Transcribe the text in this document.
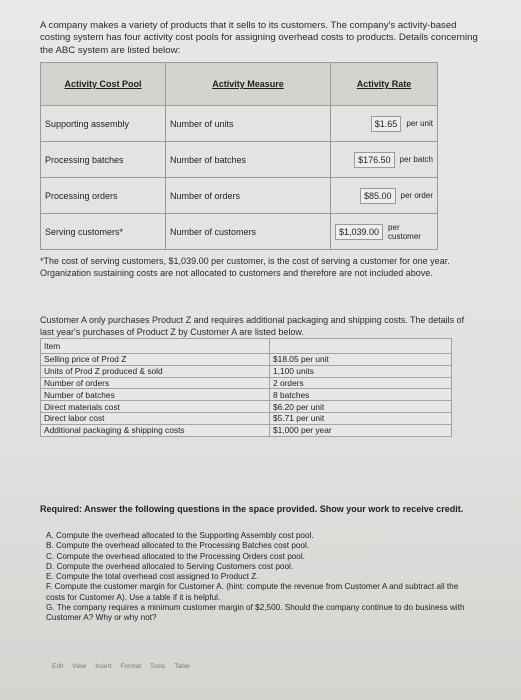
A company makes a variety of products that it sells to its customers. The company's activity-based costing system has four activity cost pools for assigning overhead costs to products. Details concerning the ABC system are listed below:

Activity Cost Pool	Activity Measure	Activity Rate
Supporting assembly	Number of units	$1.65 per unit

Processing batches	Number of batches	$176.50 per batch

Processing orders	Number of orders	$85.00 per order

Serving customers*	Number of customers	$1,039.00 per customer

*The cost of serving customers, $1,039.00 per customer, is the cost of serving a customer for one year. Organization sustaining costs are not allocated to customers and therefore are not included above.

Customer A only purchases Product Z and requires additional packaging and shipping costs. The details of last year's purchases of Product Z by Customer A are listed below.

Item	
Selling price of Prod Z	$18.05 per unit
Units of Prod Z produced & sold	1,100 units
Number of orders	2 orders
Number of batches	8 batches
Direct materials cost	$6.20 per unit
Direct labor cost	$5.71 per unit
Additional packaging & shipping costs	$1,000 per year

Required: Answer the following questions in the space provided. Show your work to receive credit.

A. Compute the overhead allocated to the Supporting Assembly cost pool.
B. Compute the overhead allocated to the Processing Batches cost pool.
C. Compute the overhead allocated to the Processing Orders cost pool.
D. Compute the overhead allocated to Serving Customers cost pool.
E. Compute the total overhead cost assigned to Product Z.
F. Compute the customer margin for Customer A. (hint: compute the revenue from Customer A and subtract all the costs for Customer A). Use a table if it is helpful.
G. The company requires a minimum customer margin of $2,500. Should the company continue to do business with Customer A? Why or why not?
Edit View Insert Format Tools Table
